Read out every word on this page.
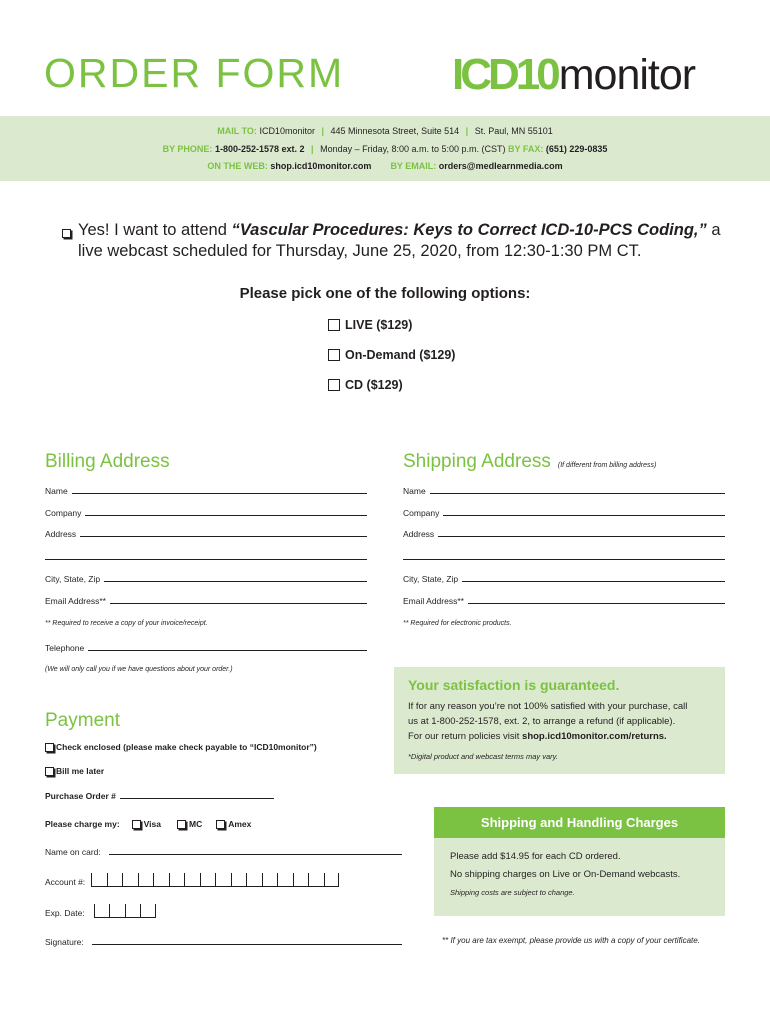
ORDER FORM ICD10 monitor
MAIL TO: ICD10monitor | 445 Minnesota Street, Suite 514 | St. Paul, MN 55101
BY PHONE: 1-800-252-1578 ext. 2 | Monday – Friday, 8:00 a.m. to 5:00 p.m. (CST) BY FAX: (651) 229-0835
ON THE WEB: shop.icd10monitor.com BY EMAIL: orders@medlearnmedia.com
Yes! I want to attend “Vascular Procedures: Keys to Correct ICD-10-PCS Coding,” a live webcast scheduled for Thursday, June 25, 2020, from 12:30-1:30 PM CT.
Please pick one of the following options:
LIVE ($129)
On-Demand ($129)
CD ($129)
Billing Address
Name
Company
Address
City, State, Zip
Email Address**
** Required to receive a copy of your invoice/receipt.
Telephone
(We will only call you if we have questions about your order.)
Shipping Address (If different from billing address)
Name
Company
Address
City, State, Zip
Email Address**
** Required for electronic products.
Your satisfaction is guaranteed.

If for any reason you’re not 100% satisfied with your purchase, call

us at 1-800-252-1578, ext. 2, to arrange a refund (if applicable).

For our return policies visit shop.icd10monitor.com/returns.

*Digital product and webcast terms may vary.

Payment
Check enclosed (please make check payable to “ICD10monitor”)
Bill me later
Purchase Order #
Please charge my:	Visa	MC	Amex
Name on card:
Account #:
Exp. Date:
Signature:
Shipping and Handling Charges

Please add $14.95 for each CD ordered.

No shipping charges on Live or On-Demand webcasts.

Shipping costs are subject to change.

** If you are tax exempt, please provide us with a copy of your certificate.
